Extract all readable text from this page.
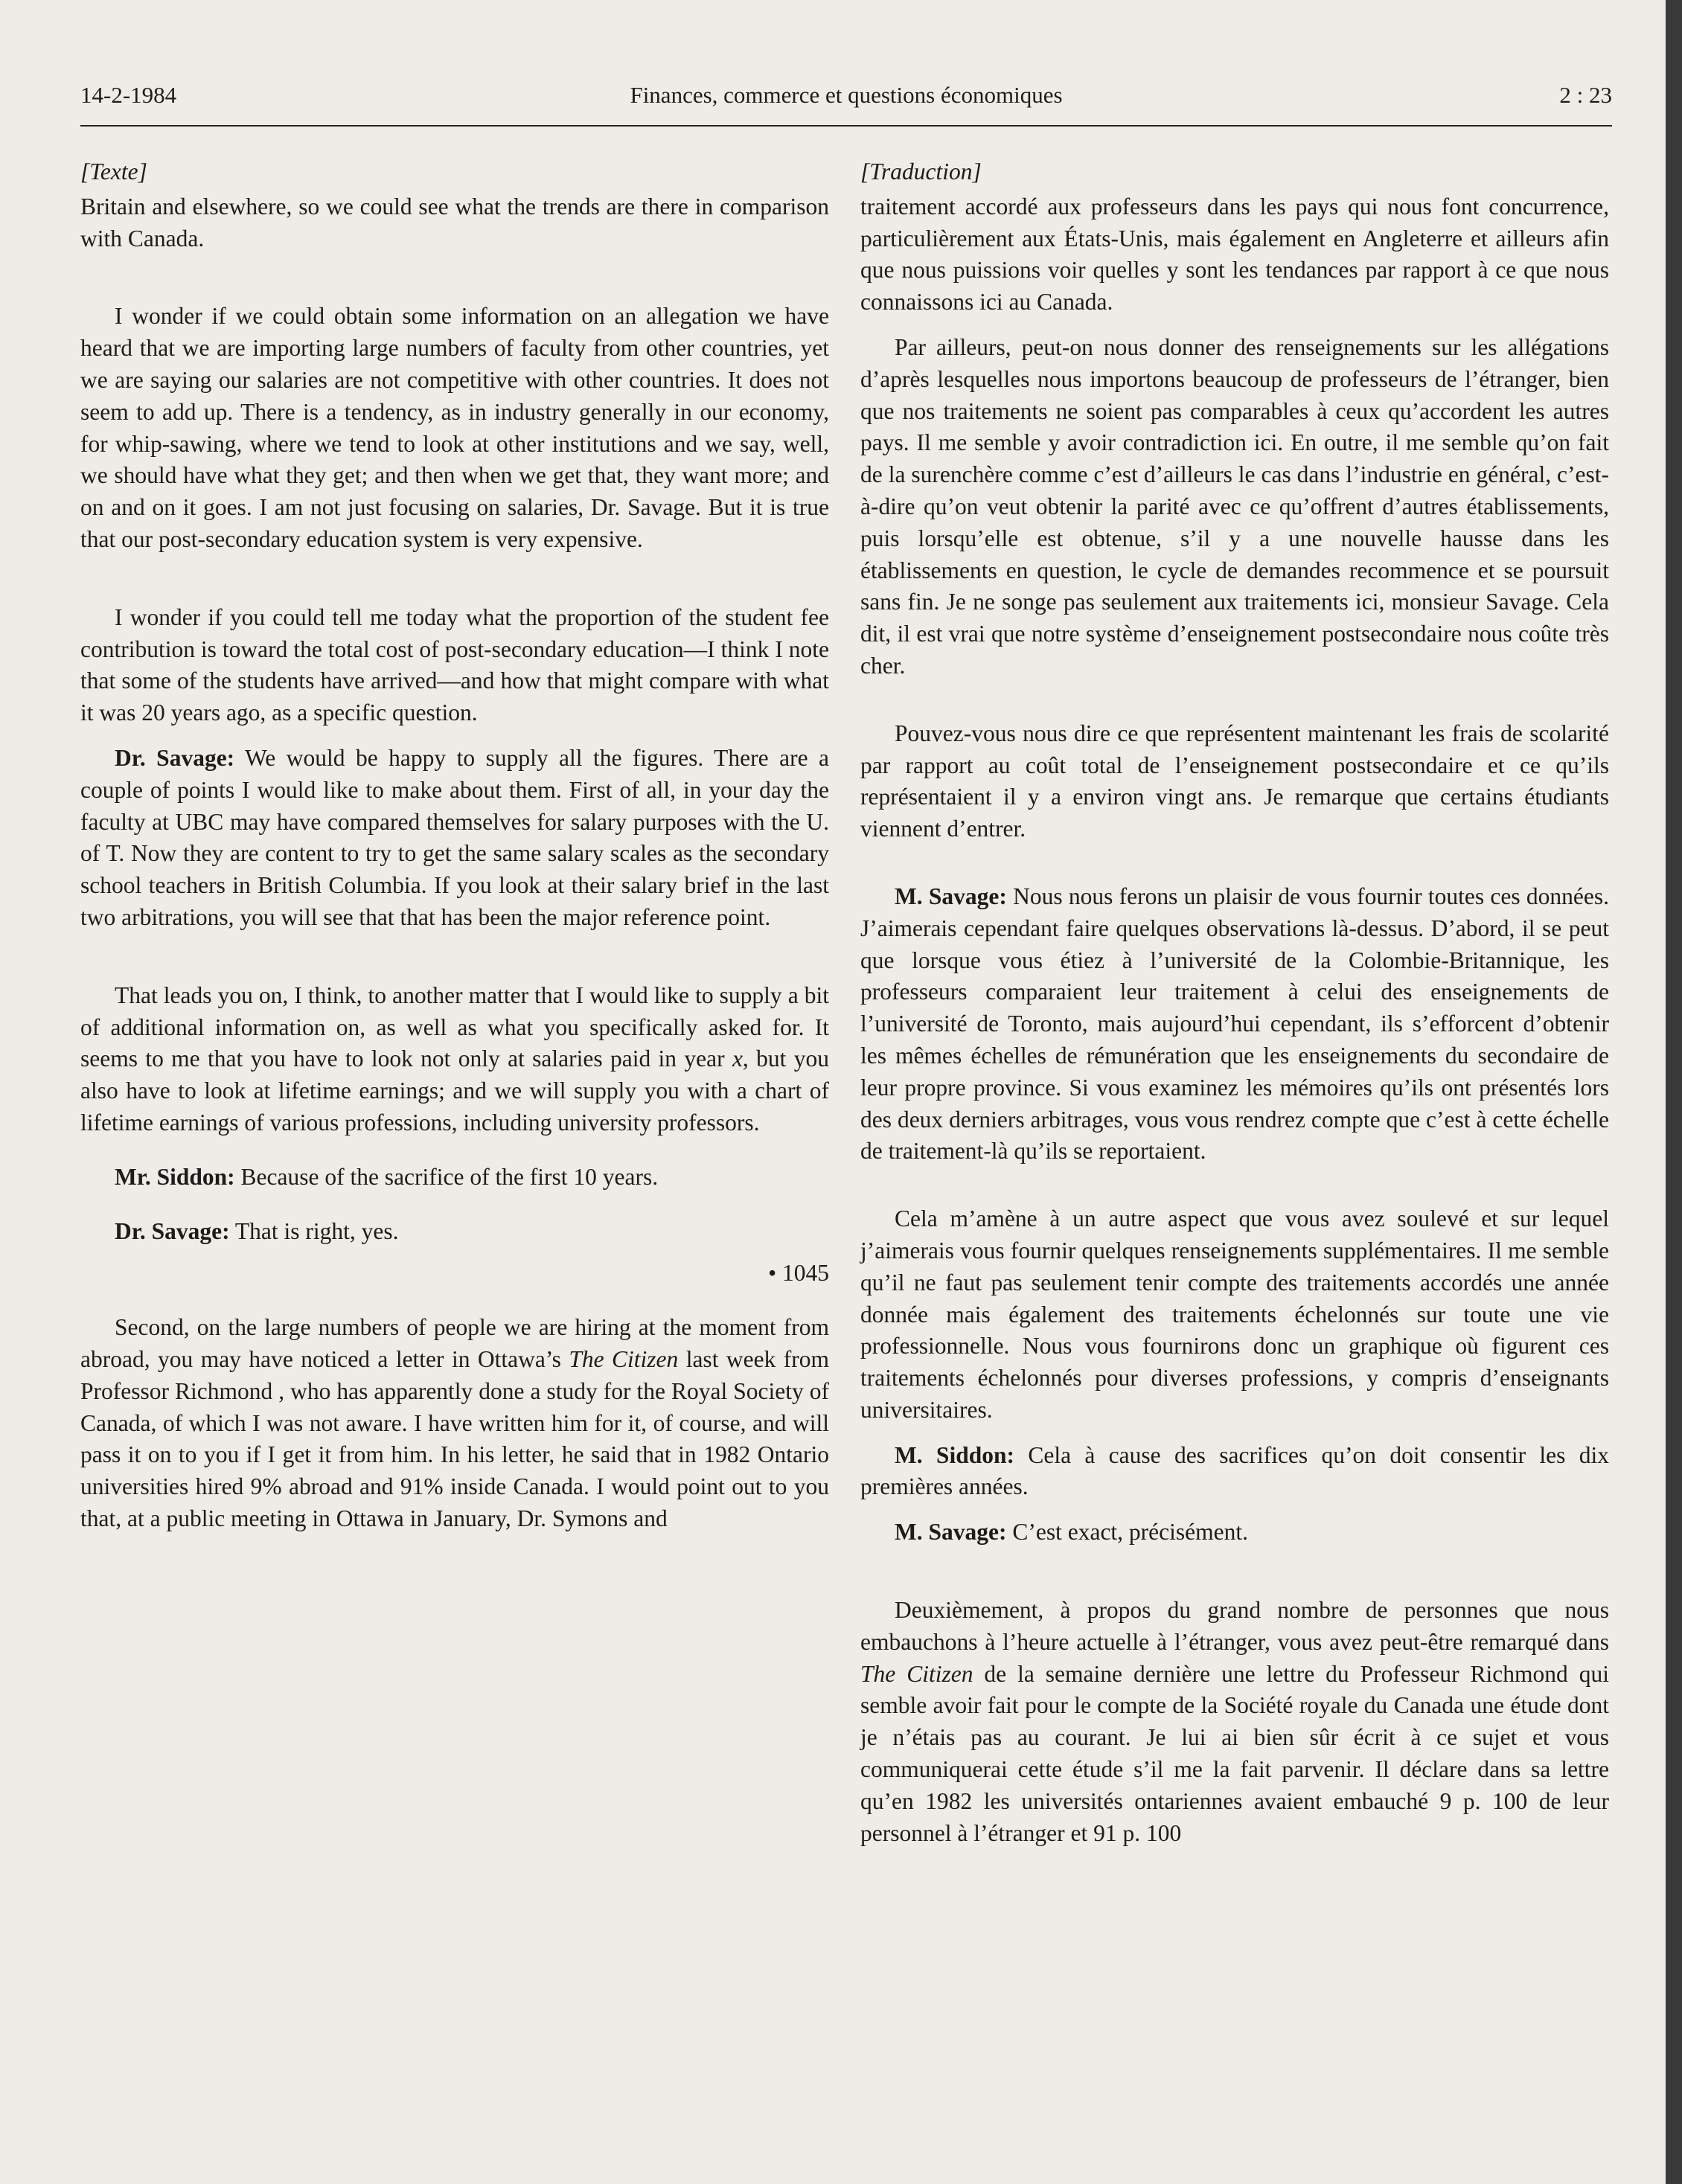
14-2-1984	Finances, commerce et questions économiques	2 : 23

[Texte]

Britain and elsewhere, so we could see what the trends are there in comparison with Canada.

I wonder if we could obtain some information on an allegation we have heard that we are importing large numbers of faculty from other countries, yet we are saying our salaries are not competitive with other countries. It does not seem to add up. There is a tendency, as in industry generally in our economy, for whip-sawing, where we tend to look at other institutions and we say, well, we should have what they get; and then when we get that, they want more; and on and on it goes. I am not just focusing on salaries, Dr. Savage. But it is true that our post-secondary education system is very expensive.

I wonder if you could tell me today what the proportion of the student fee contribution is toward the total cost of post-secondary education—I think I note that some of the students have arrived—and how that might compare with what it was 20 years ago, as a specific question.

Dr. Savage: We would be happy to supply all the figures. There are a couple of points I would like to make about them. First of all, in your day the faculty at UBC may have compared themselves for salary purposes with the U. of T. Now they are content to try to get the same salary scales as the secondary school teachers in British Columbia. If you look at their salary brief in the last two arbitrations, you will see that that has been the major reference point.

That leads you on, I think, to another matter that I would like to supply a bit of additional information on, as well as what you specifically asked for. It seems to me that you have to look not only at salaries paid in year x, but you also have to look at lifetime earnings; and we will supply you with a chart of lifetime earnings of various professions, including university professors.

Mr. Siddon: Because of the sacrifice of the first 10 years.

Dr. Savage: That is right, yes.

• 1045

Second, on the large numbers of people we are hiring at the moment from abroad, you may have noticed a letter in Ottawa’s The Citizen last week from Professor Richmond , who has apparently done a study for the Royal Society of Canada, of which I was not aware. I have written him for it, of course, and will pass it on to you if I get it from him. In his letter, he said that in 1982 Ontario universities hired 9% abroad and 91% inside Canada. I would point out to you that, at a public meeting in Ottawa in January, Dr. Symons and

[Traduction]

traitement accordé aux professeurs dans les pays qui nous font concurrence, particulièrement aux États-Unis, mais également en Angleterre et ailleurs afin que nous puissions voir quelles y sont les tendances par rapport à ce que nous connaissons ici au Canada.

Par ailleurs, peut-on nous donner des renseignements sur les allégations d’après lesquelles nous importons beaucoup de professeurs de l’étranger, bien que nos traitements ne soient pas comparables à ceux qu’accordent les autres pays. Il me semble y avoir contradiction ici. En outre, il me semble qu’on fait de la surenchère comme c’est d’ailleurs le cas dans l’industrie en général, c’est-à-dire qu’on veut obtenir la parité avec ce qu’offrent d’autres établissements, puis lorsqu’elle est obtenue, s’il y a une nouvelle hausse dans les établissements en question, le cycle de demandes recommence et se poursuit sans fin. Je ne songe pas seulement aux traitements ici, monsieur Savage. Cela dit, il est vrai que notre système d’enseignement postsecondaire nous coûte très cher.

Pouvez-vous nous dire ce que représentent maintenant les frais de scolarité par rapport au coût total de l’enseignement postsecondaire et ce qu’ils représentaient il y a environ vingt ans. Je remarque que certains étudiants viennent d’entrer.

M. Savage: Nous nous ferons un plaisir de vous fournir toutes ces données. J’aimerais cependant faire quelques observations là-dessus. D’abord, il se peut que lorsque vous étiez à l’université de la Colombie-Britannique, les professeurs comparaient leur traitement à celui des enseignements de l’université de Toronto, mais aujourd’hui cependant, ils s’efforcent d’obtenir les mêmes échelles de rémunération que les enseignements du secondaire de leur propre province. Si vous examinez les mémoires qu’ils ont présentés lors des deux derniers arbitrages, vous vous rendrez compte que c’est à cette échelle de traitement-là qu’ils se reportaient.

Cela m’amène à un autre aspect que vous avez soulevé et sur lequel j’aimerais vous fournir quelques renseignements supplémentaires. Il me semble qu’il ne faut pas seulement tenir compte des traitements accordés une année donnée mais également des traitements échelonnés sur toute une vie professionnelle. Nous vous fournirons donc un graphique où figurent ces traitements échelonnés pour diverses professions, y compris d’enseignants universitaires.

M. Siddon: Cela à cause des sacrifices qu’on doit consentir les dix premières années.

M. Savage: C’est exact, précisément.

Deuxièmement, à propos du grand nombre de personnes que nous embauchons à l’heure actuelle à l’étranger, vous avez peut-être remarqué dans The Citizen de la semaine dernière une lettre du Professeur Richmond qui semble avoir fait pour le compte de la Société royale du Canada une étude dont je n’étais pas au courant. Je lui ai bien sûr écrit à ce sujet et vous communiquerai cette étude s’il me la fait parvenir. Il déclare dans sa lettre qu’en 1982 les universités ontariennes avaient embauché 9 p. 100 de leur personnel à l’étranger et 91 p. 100
